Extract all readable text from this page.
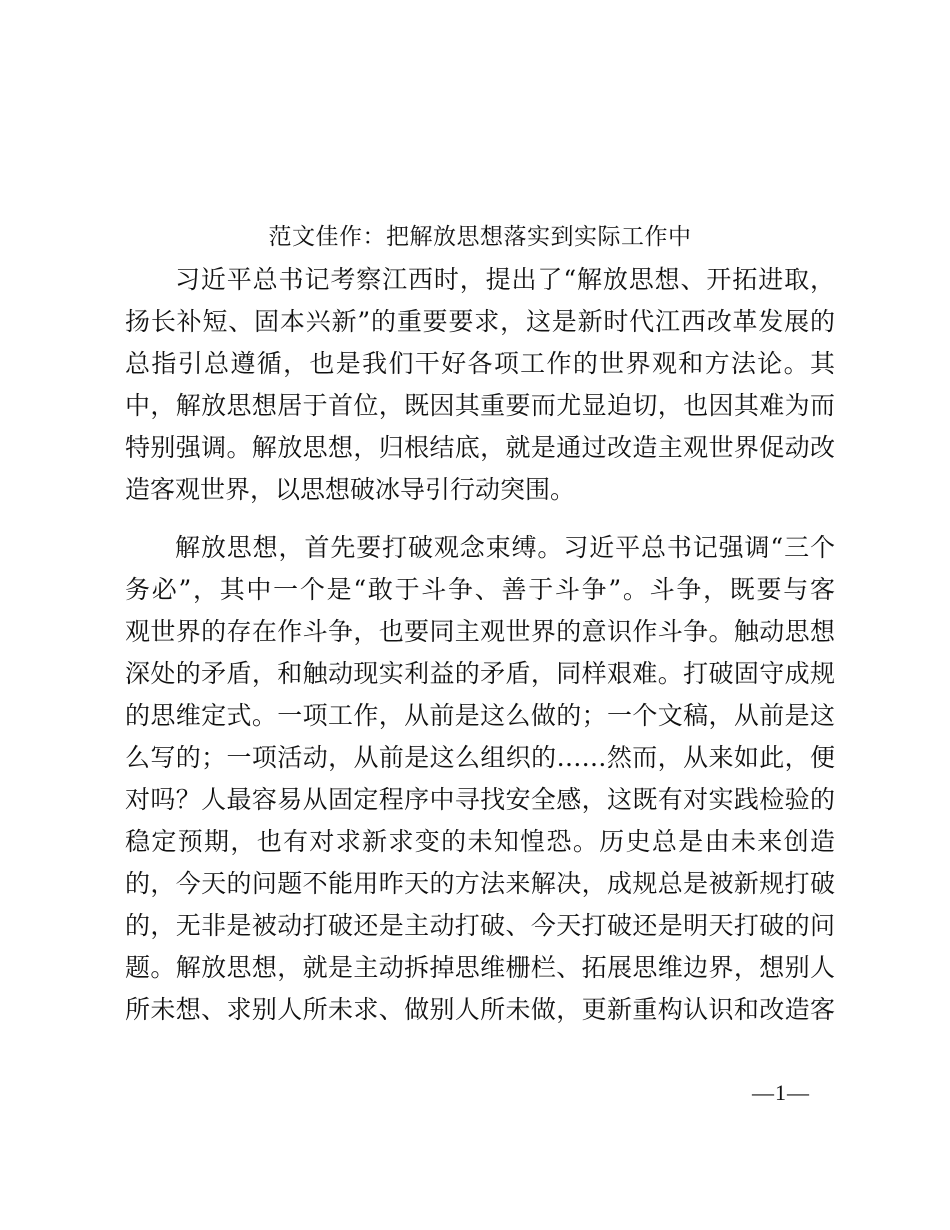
范文佳作：把解放思想落实到实际工作中
习近平总书记考察江西时，提出了“解放思想、开拓进取，
扬长补短、固本兴新”的重要要求，这是新时代江西改革发展的
总指引总遵循，也是我们干好各项工作的世界观和方法论。其
中，解放思想居于首位，既因其重要而尤显迫切，也因其难为而
特别强调。解放思想，归根结底，就是通过改造主观世界促动改
造客观世界，以思想破冰导引行动突围。
解放思想，首先要打破观念束缚。习近平总书记强调“三个
务必”，其中一个是“敢于斗争、善于斗争”。斗争，既要与客
观世界的存在作斗争，也要同主观世界的意识作斗争。触动思想
深处的矛盾，和触动现实利益的矛盾，同样艰难。打破固守成规
的思维定式。一项工作，从前是这么做的；一个文稿，从前是这
么写的；一项活动，从前是这么组织的……然而，从来如此，便
对吗？人最容易从固定程序中寻找安全感，这既有对实践检验的
稳定预期，也有对求新求变的未知惶恐。历史总是由未来创造
的，今天的问题不能用昨天的方法来解决，成规总是被新规打破
的，无非是被动打破还是主动打破、今天打破还是明天打破的问
题。解放思想，就是主动拆掉思维栅栏、拓展思维边界，想别人
所未想、求别人所未求、做别人所未做，更新重构认识和改造客
—1—
